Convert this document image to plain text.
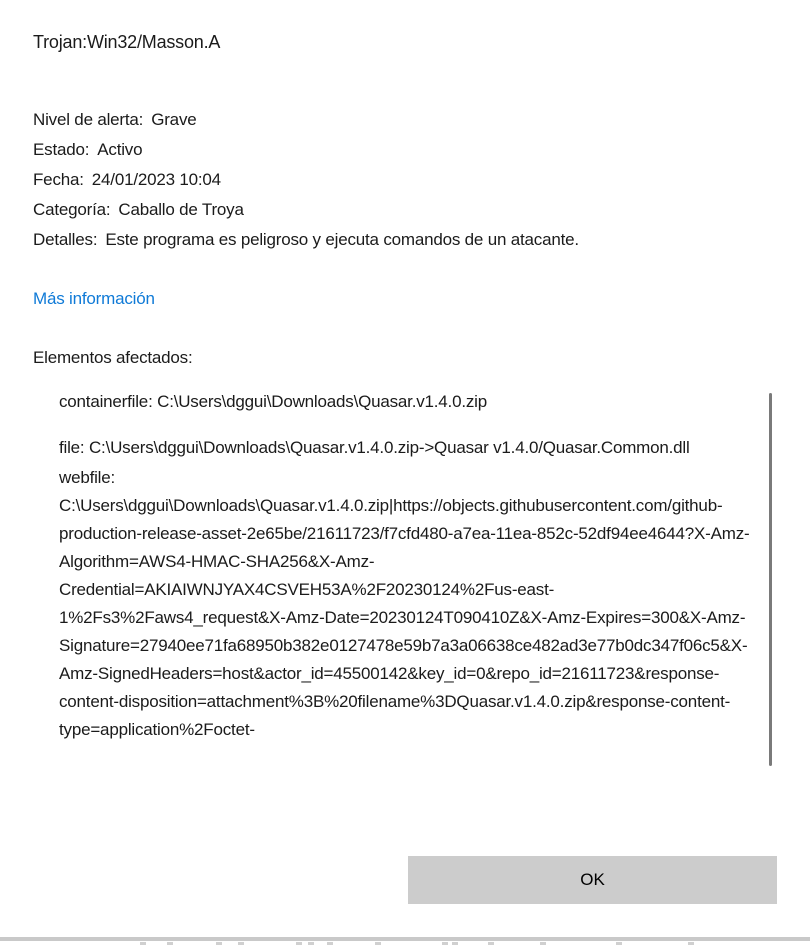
Trojan:Win32/Masson.A
Nivel de alerta: Grave
Estado: Activo
Fecha: 24/01/2023 10:04
Categoría: Caballo de Troya
Detalles: Este programa es peligroso y ejecuta comandos de un atacante.
Más información
Elementos afectados:
containerfile: C:\Users\dggui\Downloads\Quasar.v1.4.0.zip
file: C:\Users\dggui\Downloads\Quasar.v1.4.0.zip->Quasar v1.4.0/Quasar.Common.dll
webfile: C:\Users\dggui\Downloads\Quasar.v1.4.0.zip|https://objects.githubusercontent.com/github-production-release-asset-2e65be/21611723/f7cfd480-a7ea-11ea-852c-52df94ee4644?X-Amz-Algorithm=AWS4-HMAC-SHA256&X-Amz-Credential=AKIAIWNJYAX4CSVEH53A%2F20230124%2Fus-east-1%2Fs3%2Faws4_request&X-Amz-Date=20230124T090410Z&X-Amz-Expires=300&X-Amz-Signature=27940ee71fa68950b382e0127478e59b7a3a06638ce482ad3e77b0dc347f06c5&X-Amz-SignedHeaders=host&actor_id=45500142&key_id=0&repo_id=21611723&response-content-disposition=attachment%3B%20filename%3DQuasar.v1.4.0.zip&response-content-type=application%2Foctet-
OK
